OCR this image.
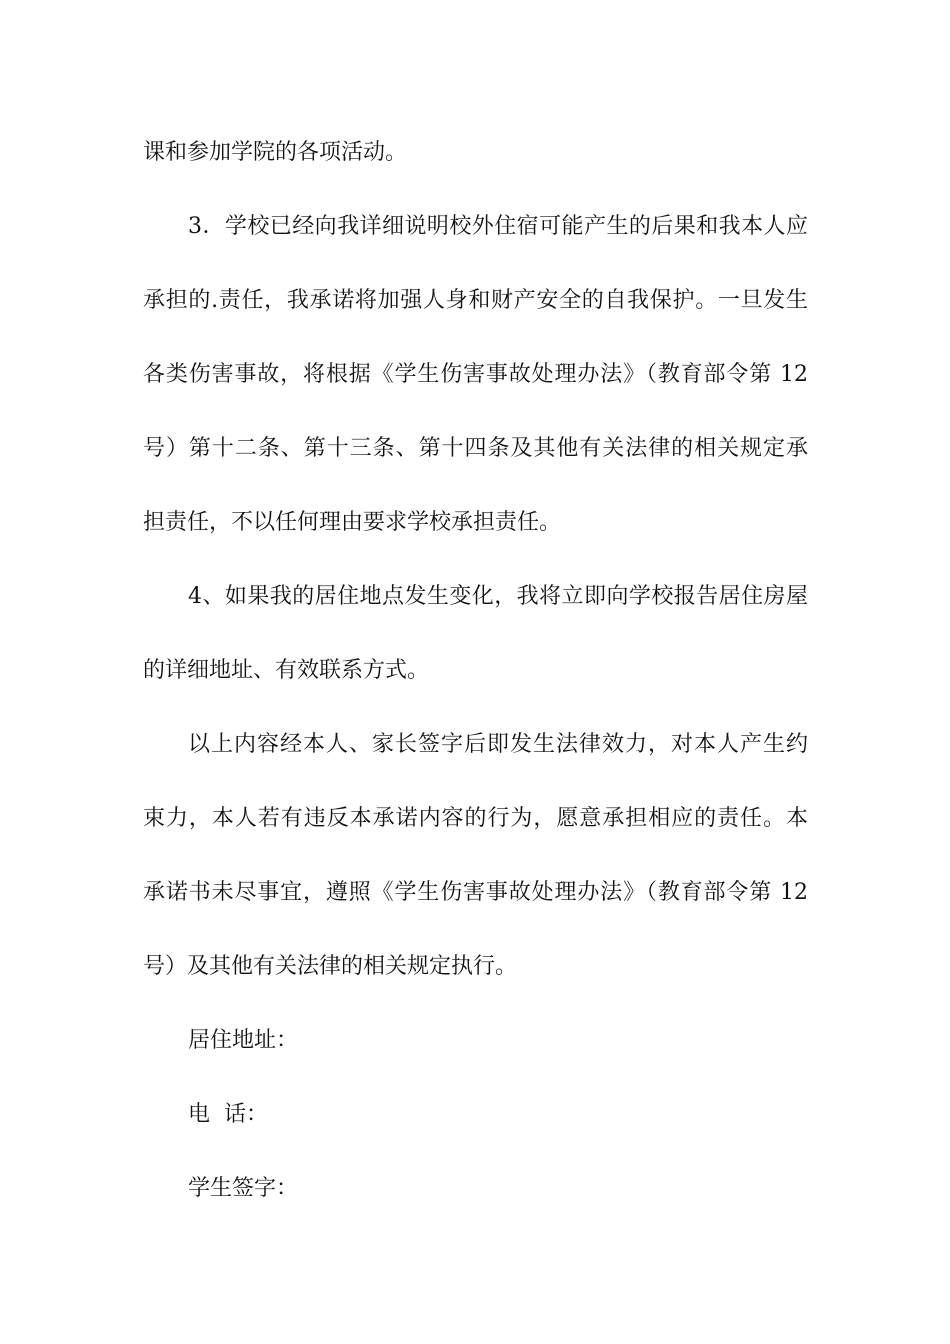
课和参加学院的各项活动。
3．学校已经向我详细说明校外住宿可能产生的后果和我本人应
承担的.责任，我承诺将加强人身和财产安全的自我保护。一旦发生
各类伤害事故，将根据《学生伤害事故处理办法》（教育部令第 12
号）第十二条、第十三条、第十四条及其他有关法律的相关规定承
担责任，不以任何理由要求学校承担责任。
4、如果我的居住地点发生变化，我将立即向学校报告居住房屋
的详细地址、有效联系方式。
以上内容经本人、家长签字后即发生法律效力，对本人产生约
束力，本人若有违反本承诺内容的行为，愿意承担相应的责任。本
承诺书未尽事宜，遵照《学生伤害事故处理办法》（教育部令第 12
号）及其他有关法律的相关规定执行。
居住地址：
电  话：
学生签字：
